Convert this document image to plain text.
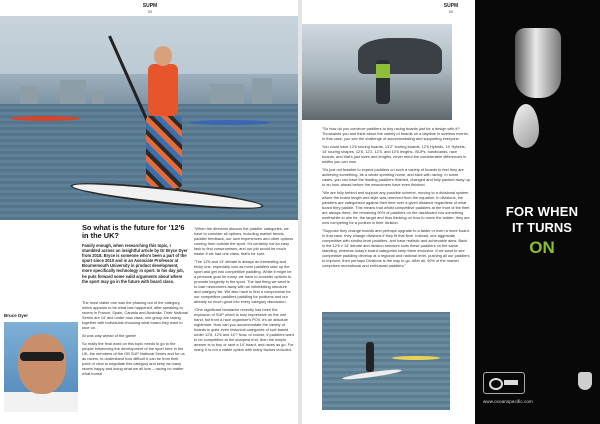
SUPM
55
So what is the future for '12'6 in the UK?

Family enough, when researching this topic, I stumbled across an insightful article by Dr Bryce Dyer from 2018. Bryce is someone who's been a part of the sport since 2010 and is an Associate Professor at Bournemouth University in product development, more specifically technology in sport. In his day job, he puts forward some valid arguments about where the sport may go in the future with board class.

The most viable one was the phasing out of the category, which appears to be what has happened, after speaking to racers in France, Spain, Canada and Australia. Their National Series are 14' and under now class, one group are racing together with individuals choosing what board they want to race on.

At was way ahead of the game!

So really the final word on this topic needs to go to the people influencing the development of the sport here in the UK, the members of the GB SUP National Series and for us as racers, to understand how difficult it can be from their point of view to negotiate this category and keep as many racers happy and doing what we all love – racing no matter what board!

"When the directors discuss the paddler categories, we have to consider all options, including market trends, paddler feedback, our own experiences and other options coming from outside the sport. It's certainly not an easy task to find compromises, and our job would be much easier if we had one class, that's for sure.

"The 12'6 and 14' debate is always an interesting and tricky one, especially now as more paddlers take up the sport and get into competitive paddling. While it might be a personal goal for many, we have to consider options to promote longevity in the sport. The last thing we want is to lose newcomers away with an intimidating structure and category list. We also have to find a compromise for our competitive paddlers paddling for podiums and our already so much good into every category discussion.

"One significant headache recently has been the explosion of SUP which is truly impressive on the one hand, but from a race organiser's POV, it's an absolute nightmare. How can you accommodate the variety of boards in quite even historical categories of surf-based under 12'6, 12'6 and 14'? Now, of course, if paddlers want to be competitive at the sharpest end, then the simple answer is to buy or race a 14' board, and races as go. For many, it is not a viable option with many factors included.

Bruce Dyer
SUPM
56

"So how do you convince paddlers to buy racing boards just for a design with it? Thousands you and think about the variety of boards on a daytime in sizeless events, in that case, you see the challenge of accommodating and supporting everyone.

You could have 12'6 touring boards, 13'2" touring boards, 12'6 Hybrids, 14' Hybrids, 14' touring shapes, 12'6, 12'2, 12'0, and 10'6 lengths, iSUPs, hardboards, race boards, and that's just sizes and lengths, never mind the considerable differences in widths you can now.

"It's just not feasible to expect paddlers on such a variety of boards to feel they are achieving something, be a whole sprinting home, and stick with racing. In some cases, you can have the leading paddlers finished, changed and fully packed away up to an hour ahead before the newcomers have even finished.

"We are fully behind and support any possible scheme, moving to a divisional system where the board length and style was removed from the equation. In divisions, the paddlers are categorised against their time over a given distance regardless of what board they paddle. This means that whilst competitive paddlers at the front of the fleet are always there, the remaining 90% of paddlers on the dashboard row something worthwhile to aim for, the target and thus thinking on how to move the ladder; they are now competing for a podium in their division.

"Suppose they change boards and perhaps upgrade to a faster or even a more board. In that case, they change divisions if they fit that time. Instead, one aggravate competitive with similar-level paddlers, and have realistic and achievable aims. Back in the 12'6 v 14' debate and division structure suits these paddlers on the same standing, whereas today's board categories keep them exclusive. If we want to see competitive paddling develop at a regional and national level, pushing all our paddlers to improve, then perhaps Divisions is the way to go. After all, 90% of the market comprises recreational and enthusiast paddlers."

FOR WHEN
IT TURNS
ON
www.oceanspecific.com
